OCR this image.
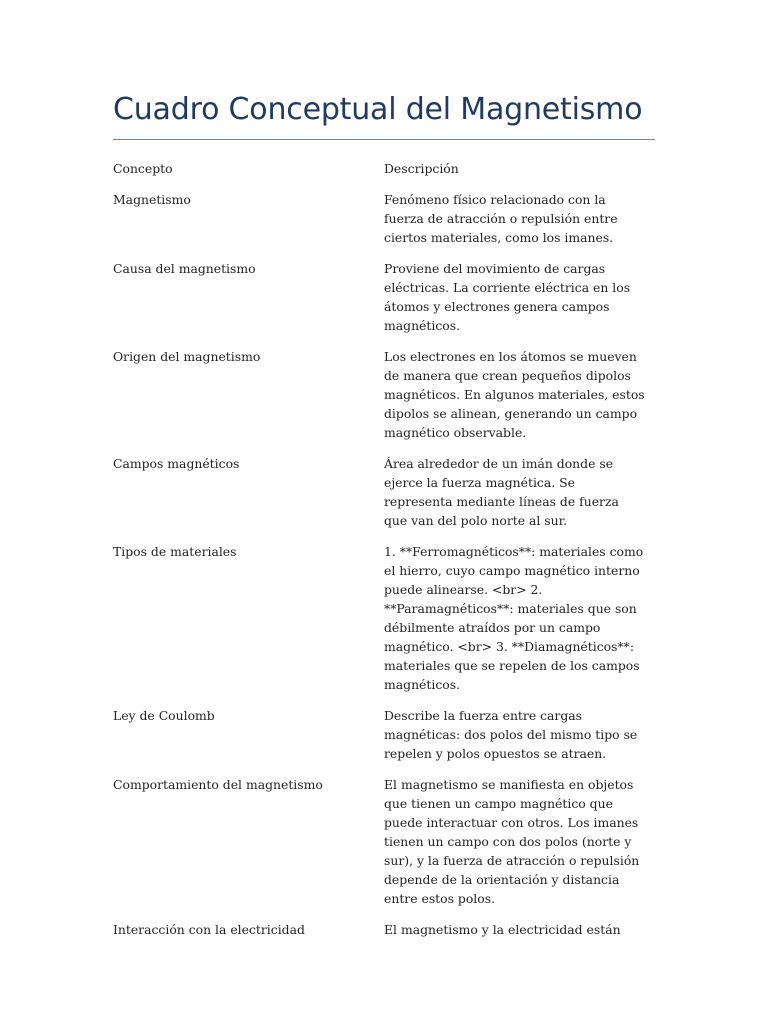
Cuadro Conceptual del Magnetismo
Concepto	Descripción
Magnetismo	Fenómeno físico relacionado con la fuerza de atracción o repulsión entre ciertos materiales, como los imanes.
Causa del magnetismo	Proviene del movimiento de cargas eléctricas. La corriente eléctrica en los átomos y electrones genera campos magnéticos.
Origen del magnetismo	Los electrones en los átomos se mueven de manera que crean pequeños dipolos magnéticos. En algunos materiales, estos dipolos se alinean, generando un campo magnético observable.
Campos magnéticos	Área alrededor de un imán donde se ejerce la fuerza magnética. Se representa mediante líneas de fuerza que van del polo norte al sur.
Tipos de materiales	1. **Ferromagnéticos**: materiales como el hierro, cuyo campo magnético interno puede alinearse. <br> 2. **Paramagnéticos**: materiales que son débilmente atraídos por un campo magnético. <br> 3. **Diamagnéticos**: materiales que se repelen de los campos magnéticos.
Ley de Coulomb	Describe la fuerza entre cargas magnéticas: dos polos del mismo tipo se repelen y polos opuestos se atraen.
Comportamiento del magnetismo	El magnetismo se manifiesta en objetos que tienen un campo magnético que puede interactuar con otros. Los imanes tienen un campo con dos polos (norte y sur), y la fuerza de atracción o repulsión depende de la orientación y distancia entre estos polos.
Interacción con la electricidad	El magnetismo y la electricidad están
